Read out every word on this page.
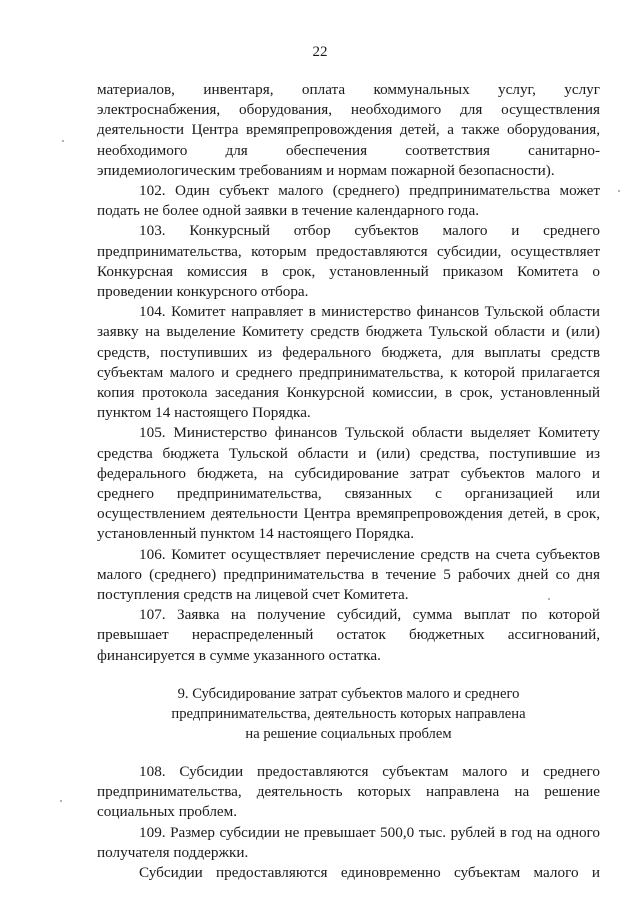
22

материалов, инвентаря, оплата коммунальных услуг, услуг электроснабжения, оборудования, необходимого для осуществления деятельности Центра времяпрепровождения детей, а также оборудования, необходимого для обеспечения соответствия санитарно-эпидемиологическим требованиям и нормам пожарной безопасности).

102. Один субъект малого (среднего) предпринимательства может подать не более одной заявки в течение календарного года.

103. Конкурсный отбор субъектов малого и среднего предпринимательства, которым предоставляются субсидии, осуществляет Конкурсная комиссия в срок, установленный приказом Комитета о проведении конкурсного отбора.

104. Комитет направляет в министерство финансов Тульской области заявку на выделение Комитету средств бюджета Тульской области и (или) средств, поступивших из федерального бюджета, для выплаты средств субъектам малого и среднего предпринимательства, к которой прилагается копия протокола заседания Конкурсной комиссии, в срок, установленный пунктом 14 настоящего Порядка.

105. Министерство финансов Тульской области выделяет Комитету средства бюджета Тульской области и (или) средства, поступившие из федерального бюджета, на субсидирование затрат субъектов малого и среднего предпринимательства, связанных с организацией или осуществлением деятельности Центра времяпрепровождения детей, в срок, установленный пунктом 14 настоящего Порядка.

106. Комитет осуществляет перечисление средств на счета субъектов малого (среднего) предпринимательства в течение 5 рабочих дней со дня поступления средств на лицевой счет Комитета.

107. Заявка на получение субсидий, сумма выплат по которой превышает нераспределенный остаток бюджетных ассигнований, финансируется в сумме указанного остатка.

9. Субсидирование затрат субъектов малого и среднего
предпринимательства, деятельность которых направлена
на решение социальных проблем

108. Субсидии предоставляются субъектам малого и среднего предпринимательства, деятельность которых направлена на решение социальных проблем.

109. Размер субсидии не превышает 500,0 тыс. рублей в год на одного получателя поддержки.

Субсидии предоставляются единовременно субъектам малого и
